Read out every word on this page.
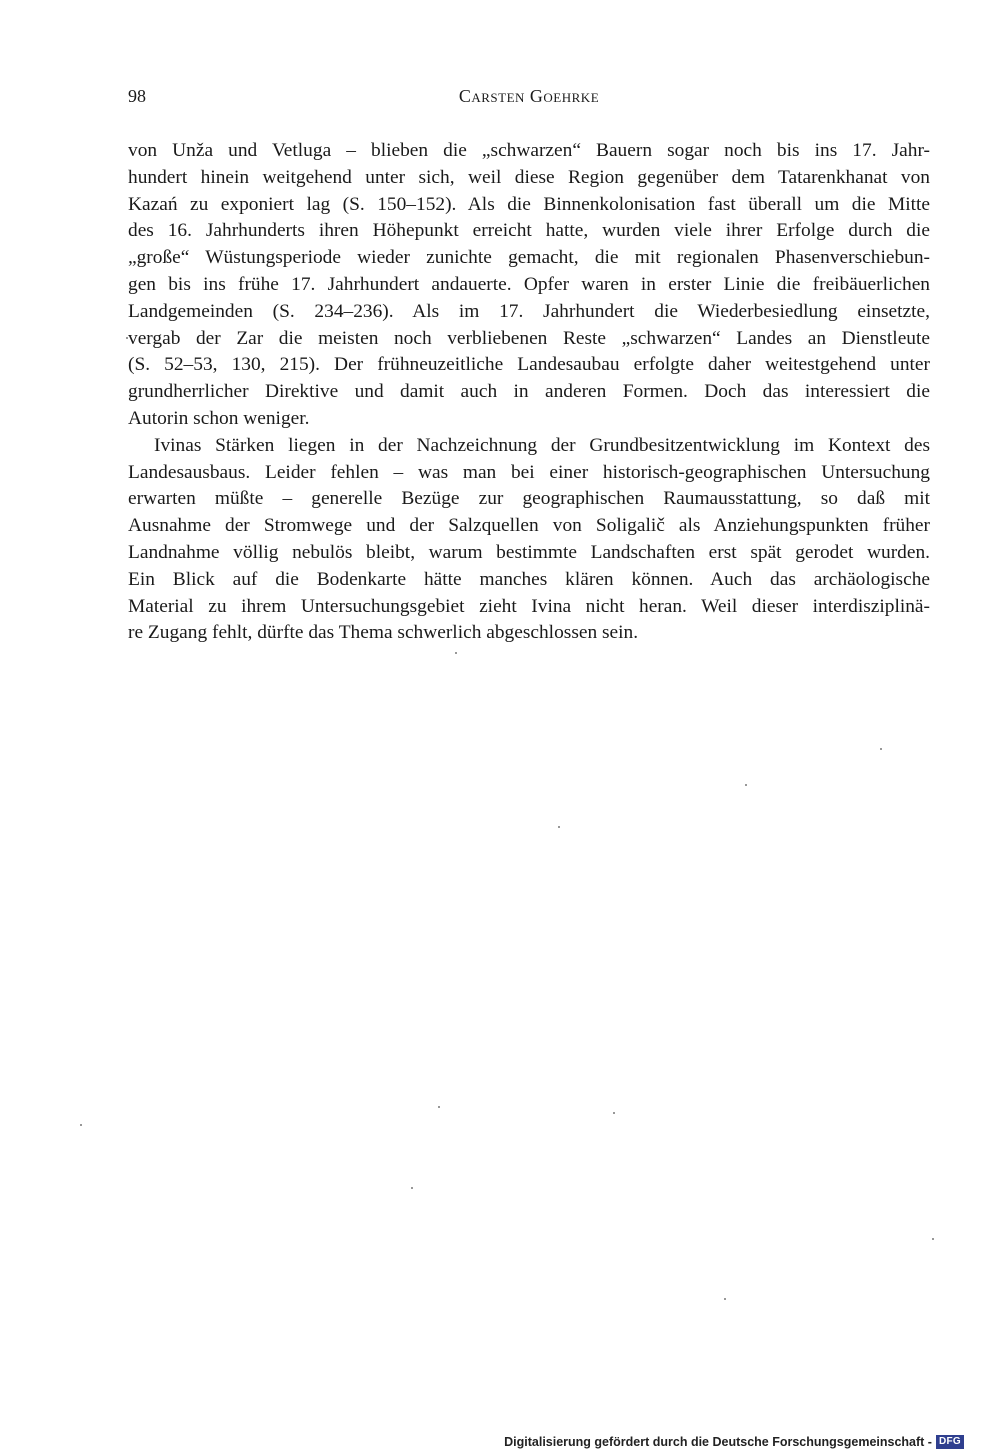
98	Carsten Goehrke

von Unža und Vetluga – blieben die „schwarzen“ Bauern sogar noch bis ins 17. Jahr-
hundert hinein weitgehend unter sich, weil diese Region gegenüber dem Tatarenkhanat von
Kazań zu exponiert lag (S. 150–152). Als die Binnenkolonisation fast überall um die Mitte
des 16. Jahrhunderts ihren Höhepunkt erreicht hatte, wurden viele ihrer Erfolge durch die
„große“ Wüstungsperiode wieder zunichte gemacht, die mit regionalen Phasenverschiebun-
gen bis ins frühe 17. Jahrhundert andauerte. Opfer waren in erster Linie die freibäuerlichen
Landgemeinden (S. 234–236). Als im 17. Jahrhundert die Wiederbesiedlung einsetzte,
vergab der Zar die meisten noch verbliebenen Reste „schwarzen“ Landes an Dienstleute
(S. 52–53, 130, 215). Der frühneuzeitliche Landesaubau erfolgte daher weitestgehend unter
grundherrlicher Direktive und damit auch in anderen Formen. Doch das interessiert die
Autorin schon weniger.

Ivinas Stärken liegen in der Nachzeichnung der Grundbesitzentwicklung im Kontext des
Landesausbaus. Leider fehlen – was man bei einer historisch-geographischen Untersuchung
erwarten müßte – generelle Bezüge zur geographischen Raumausstattung, so daß mit
Ausnahme der Stromwege und der Salzquellen von Soligalič als Anziehungspunkten früher
Landnahme völlig nebulös bleibt, warum bestimmte Landschaften erst spät gerodet wurden.
Ein Blick auf die Bodenkarte hätte manches klären können. Auch das archäologische
Material zu ihrem Untersuchungsgebiet zieht Ivina nicht heran. Weil dieser interdisziplinä-
re Zugang fehlt, dürfte das Thema schwerlich abgeschlossen sein.

Digitalisierung gefördert durch die Deutsche Forschungsgemeinschaft - DFG
